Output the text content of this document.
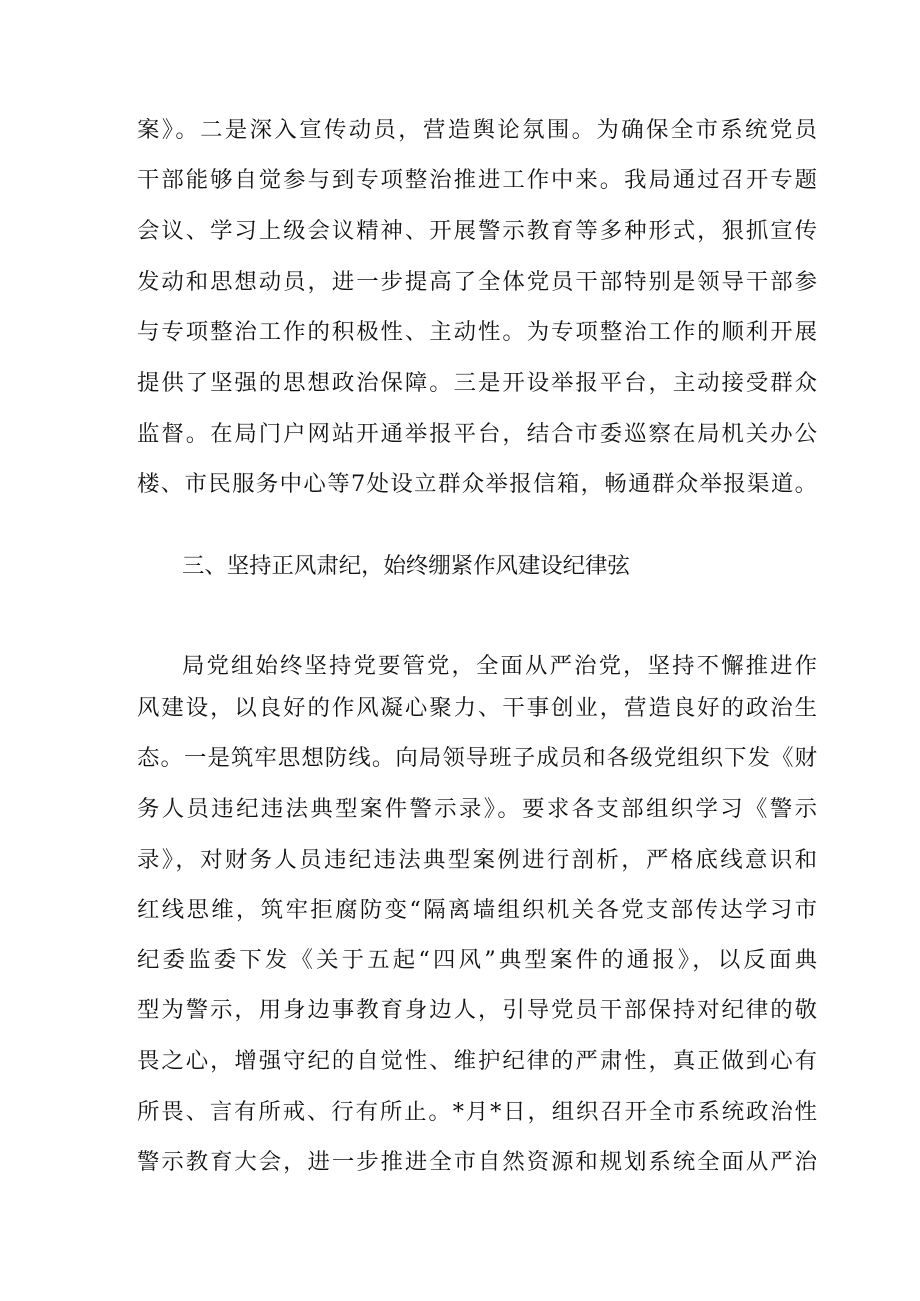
案》。二是深入宣传动员，营造舆论氛围。为确保全市系统党员
干部能够自觉参与到专项整治推进工作中来。我局通过召开专题
会议、学习上级会议精神、开展警示教育等多种形式，狠抓宣传
发动和思想动员，进一步提高了全体党员干部特别是领导干部参
与专项整治工作的积极性、主动性。为专项整治工作的顺利开展
提供了坚强的思想政治保障。三是开设举报平台，主动接受群众
监督。在局门户网站开通举报平台，结合市委巡察在局机关办公
楼、市民服务中心等7处设立群众举报信箱，畅通群众举报渠道。
三、坚持正风肃纪，始终绷紧作风建设纪律弦
局党组始终坚持党要管党，全面从严治党，坚持不懈推进作
风建设，以良好的作风凝心聚力、干事创业，营造良好的政治生
态。一是筑牢思想防线。向局领导班子成员和各级党组织下发《财
务人员违纪违法典型案件警示录》。要求各支部组织学习《警示
录》，对财务人员违纪违法典型案例进行剖析，严格底线意识和
红线思维，筑牢拒腐防变“隔离墙组织机关各党支部传达学习市
纪委监委下发《关于五起“四风”典型案件的通报》，以反面典
型为警示，用身边事教育身边人，引导党员干部保持对纪律的敬
畏之心，增强守纪的自觉性、维护纪律的严肃性，真正做到心有
所畏、言有所戒、行有所止。*月*日，组织召开全市系统政治性
警示教育大会，进一步推进全市自然资源和规划系统全面从严治
